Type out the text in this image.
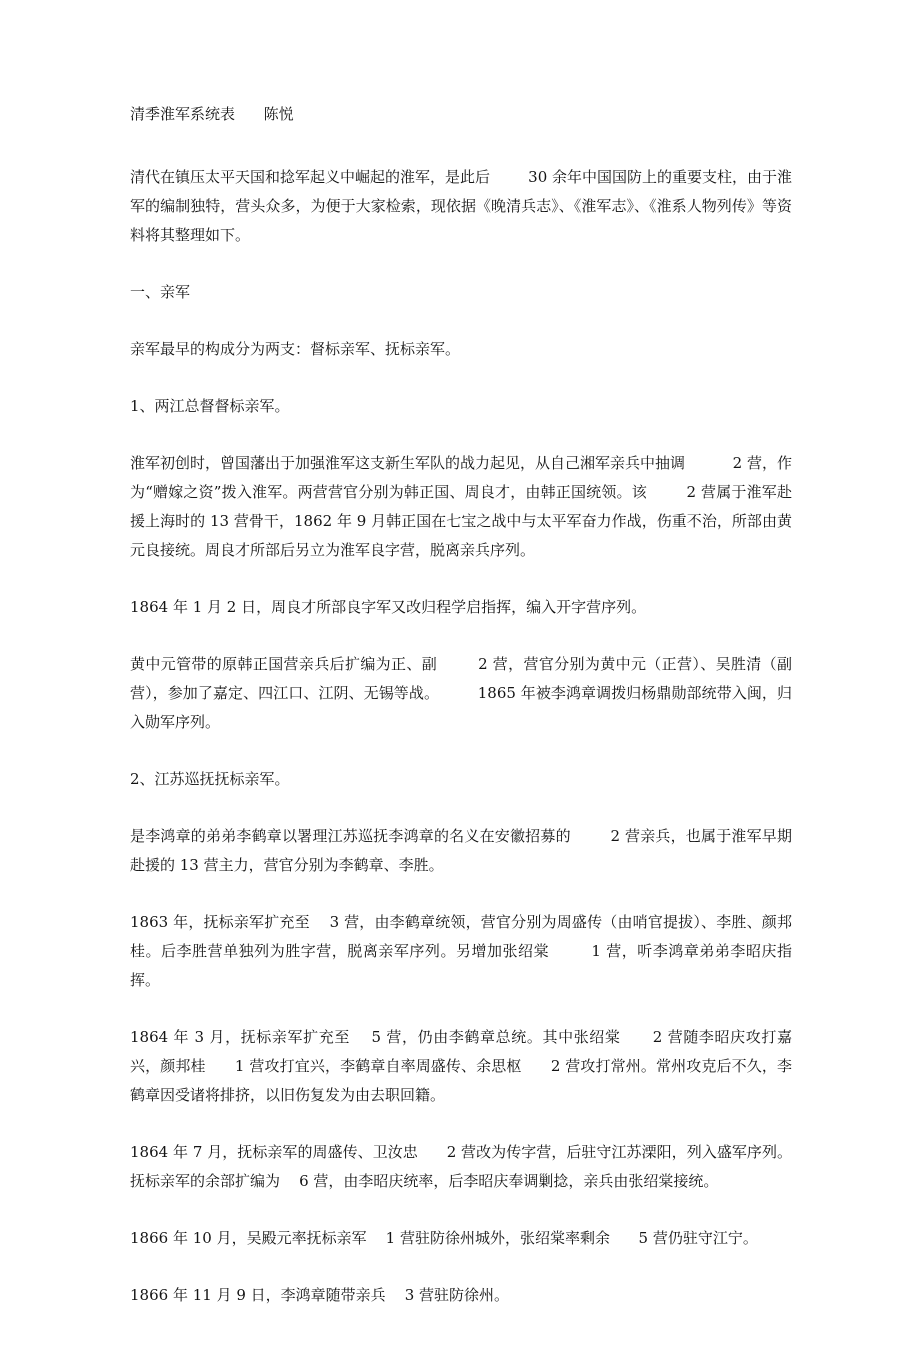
清季淮军系统表      陈悦

清代在镇压太平天国和捻军起义中崛起的淮军，是此后        30 余年中国国防上的重要支柱，由于淮军的编制独特，营头众多，为便于大家检索，现依据《晚清兵志》、《淮军志》、《淮系人物列传》等资料将其整理如下。

一、亲军

亲军最早的构成分为两支：督标亲军、抚标亲军。

1、两江总督督标亲军。

淮军初创时，曾国藩出于加强淮军这支新生军队的战力起见，从自己湘军亲兵中抽调          2 营，作为“赠嫁之资”拨入淮军。两营营官分别为韩正国、周良才，由韩正国统领。该        2 营属于淮军赴援上海时的 13 营骨干，1862 年 9 月韩正国在七宝之战中与太平军奋力作战，伤重不治，所部由黄元良接统。周良才所部后另立为淮军良字营，脱离亲兵序列。

1864 年 1 月 2 日，周良才所部良字军又改归程学启指挥，编入开字营序列。

黄中元管带的原韩正国营亲兵后扩编为正、副        2 营，营官分别为黄中元（正营）、吴胜清（副营），参加了嘉定、四江口、江阴、无锡等战。        1865 年被李鸿章调拨归杨鼎勋部统带入闽，归入勋军序列。

2、江苏巡抚抚标亲军。

是李鸿章的弟弟李鹤章以署理江苏巡抚李鸿章的名义在安徽招募的        2 营亲兵，也属于淮军早期赴援的 13 营主力，营官分别为李鹤章、李胜。

1863 年，抚标亲军扩充至    3 营，由李鹤章统领，营官分别为周盛传（由哨官提拔）、李胜、颜邦桂。后李胜营单独列为胜字营，脱离亲军序列。另增加张绍棠        1 营，听李鸿章弟弟李昭庆指挥。

1864 年 3 月，抚标亲军扩充至    5 营，仍由李鹤章总统。其中张绍棠      2 营随李昭庆攻打嘉兴，颜邦桂      1 营攻打宜兴，李鹤章自率周盛传、余思枢      2 营攻打常州。常州攻克后不久，李鹤章因受诸将排挤，以旧伤复发为由去职回籍。

1864 年 7 月，抚标亲军的周盛传、卫汝忠      2 营改为传字营，后驻守江苏溧阳，列入盛军序列。抚标亲军的余部扩编为    6 营，由李昭庆统率，后李昭庆奉调剿捻，亲兵由张绍棠接统。

1866 年 10 月，吴殿元率抚标亲军    1 营驻防徐州城外，张绍棠率剩余      5 营仍驻守江宁。

1866 年 11 月 9 日，李鸿章随带亲兵    3 营驻防徐州。
